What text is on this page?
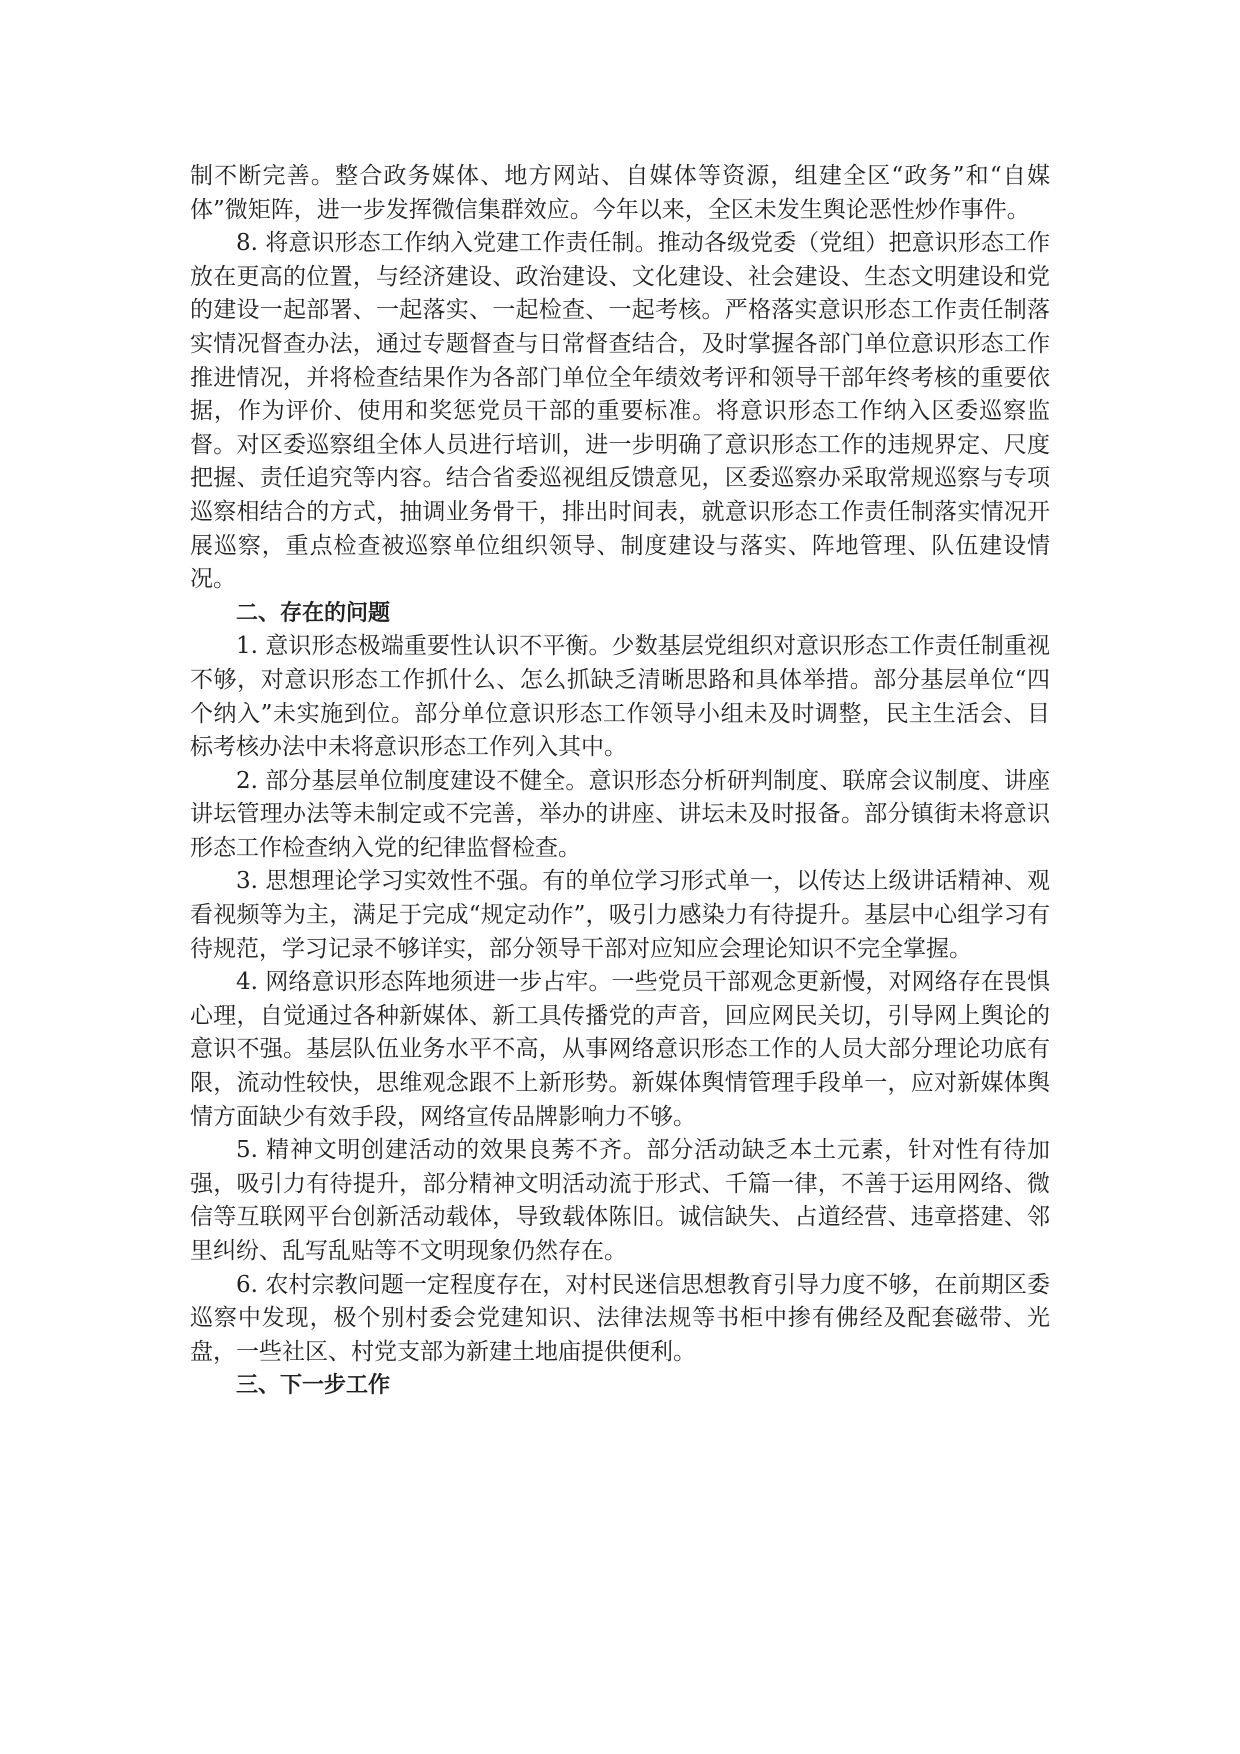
制不断完善。整合政务媒体、地方网站、自媒体等资源，组建全区“政务”和“自媒体”微矩阵，进一步发挥微信集群效应。今年以来，全区未发生舆论恶性炒作事件。

8. 将意识形态工作纳入党建工作责任制。推动各级党委（党组）把意识形态工作放在更高的位置，与经济建设、政治建设、文化建设、社会建设、生态文明建设和党的建设一起部署、一起落实、一起检查、一起考核。严格落实意识形态工作责任制落实情况督查办法，通过专题督查与日常督查结合，及时掌握各部门单位意识形态工作推进情况，并将检查结果作为各部门单位全年绩效考评和领导干部年终考核的重要依据，作为评价、使用和奖惩党员干部的重要标准。将意识形态工作纳入区委巡察监督。对区委巡察组全体人员进行培训，进一步明确了意识形态工作的违规界定、尺度把握、责任追究等内容。结合省委巡视组反馈意见，区委巡察办采取常规巡察与专项巡察相结合的方式，抽调业务骨干，排出时间表，就意识形态工作责任制落实情况开展巡察，重点检查被巡察单位组织领导、制度建设与落实、阵地管理、队伍建设情况。

二、存在的问题

1. 意识形态极端重要性认识不平衡。少数基层党组织对意识形态工作责任制重视不够，对意识形态工作抓什么、怎么抓缺乏清晰思路和具体举措。部分基层单位“四个纳入”未实施到位。部分单位意识形态工作领导小组未及时调整，民主生活会、目标考核办法中未将意识形态工作列入其中。

2. 部分基层单位制度建设不健全。意识形态分析研判制度、联席会议制度、讲座讲坛管理办法等未制定或不完善，举办的讲座、讲坛未及时报备。部分镇街未将意识形态工作检查纳入党的纪律监督检查。

3. 思想理论学习实效性不强。有的单位学习形式单一，以传达上级讲话精神、观看视频等为主，满足于完成“规定动作”，吸引力感染力有待提升。基层中心组学习有待规范，学习记录不够详实，部分领导干部对应知应会理论知识不完全掌握。

4. 网络意识形态阵地须进一步占牢。一些党员干部观念更新慢，对网络存在畏惧心理，自觉通过各种新媒体、新工具传播党的声音，回应网民关切，引导网上舆论的意识不强。基层队伍业务水平不高，从事网络意识形态工作的人员大部分理论功底有限，流动性较快，思维观念跟不上新形势。新媒体舆情管理手段单一，应对新媒体舆情方面缺少有效手段，网络宣传品牌影响力不够。

5. 精神文明创建活动的效果良莠不齐。部分活动缺乏本土元素，针对性有待加强，吸引力有待提升，部分精神文明活动流于形式、千篇一律，不善于运用网络、微信等互联网平台创新活动载体，导致载体陈旧。诚信缺失、占道经营、违章搭建、邻里纠纷、乱写乱贴等不文明现象仍然存在。

6. 农村宗教问题一定程度存在，对村民迷信思想教育引导力度不够，在前期区委巡察中发现，极个别村委会党建知识、法律法规等书柜中掺有佛经及配套磁带、光盘，一些社区、村党支部为新建土地庙提供便利。

三、下一步工作
